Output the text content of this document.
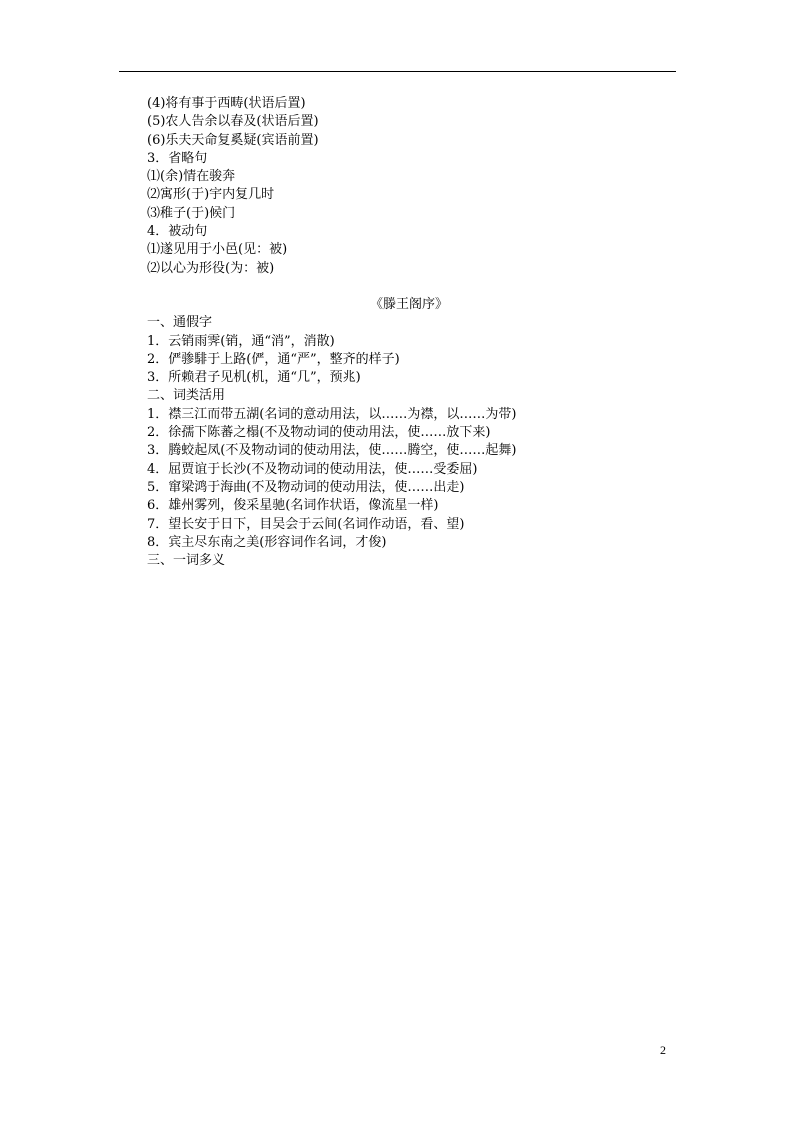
(4)将有事于西畴(状语后置)
(5)农人告余以春及(状语后置)
(6)乐夫天命复奚疑(宾语前置)
3．省略句
⑴(余)情在骏奔
⑵寓形(于)宇内复几时
⑶稚子(于)候门
4．被动句
⑴遂见用于小邑(见：被)
⑵以心为形役(为：被)
《滕王阁序》
一、通假字
1．云销雨霁(销，通“消”，消散)
2．俨骖騑于上路(俨，通“严”，整齐的样子)
3．所赖君子见机(机，通“几”，预兆)
二、词类活用
1．襟三江而带五湖(名词的意动用法，以……为襟，以……为带)
2．徐孺下陈蕃之榻(不及物动词的使动用法，使……放下来)
3．腾蛟起凤(不及物动词的使动用法，使……腾空，使……起舞)
4．屈贾谊于长沙(不及物动词的使动用法，使……受委屈)
5．窜梁鸿于海曲(不及物动词的使动用法，使……出走)
6．雄州雾列，俊采星驰(名词作状语，像流星一样)
7．望长安于日下，目吴会于云间(名词作动语，看、望)
8．宾主尽东南之美(形容词作名词，才俊)
三、一词多义
2
